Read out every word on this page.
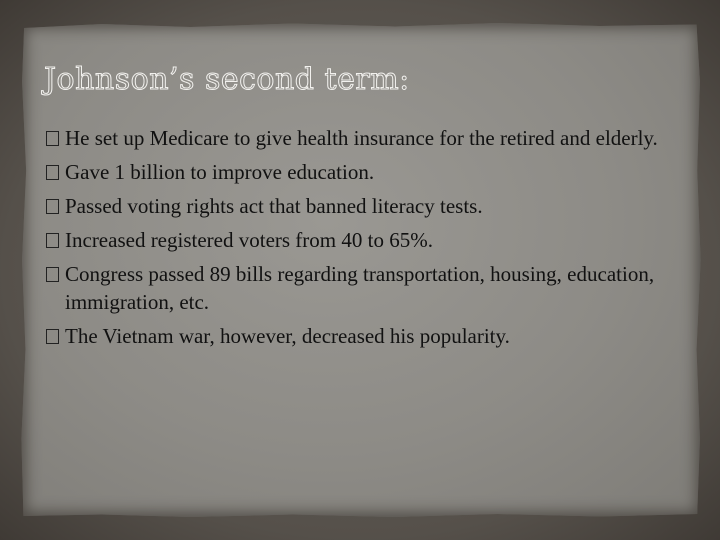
Johnson’s second term:
He set up Medicare to give health insurance for the retired and elderly.
Gave 1 billion to improve education.
Passed voting rights act that banned literacy tests.
Increased registered voters from 40 to 65%.
Congress passed 89 bills regarding transportation, housing, education, immigration, etc.
The Vietnam war, however, decreased his popularity.
